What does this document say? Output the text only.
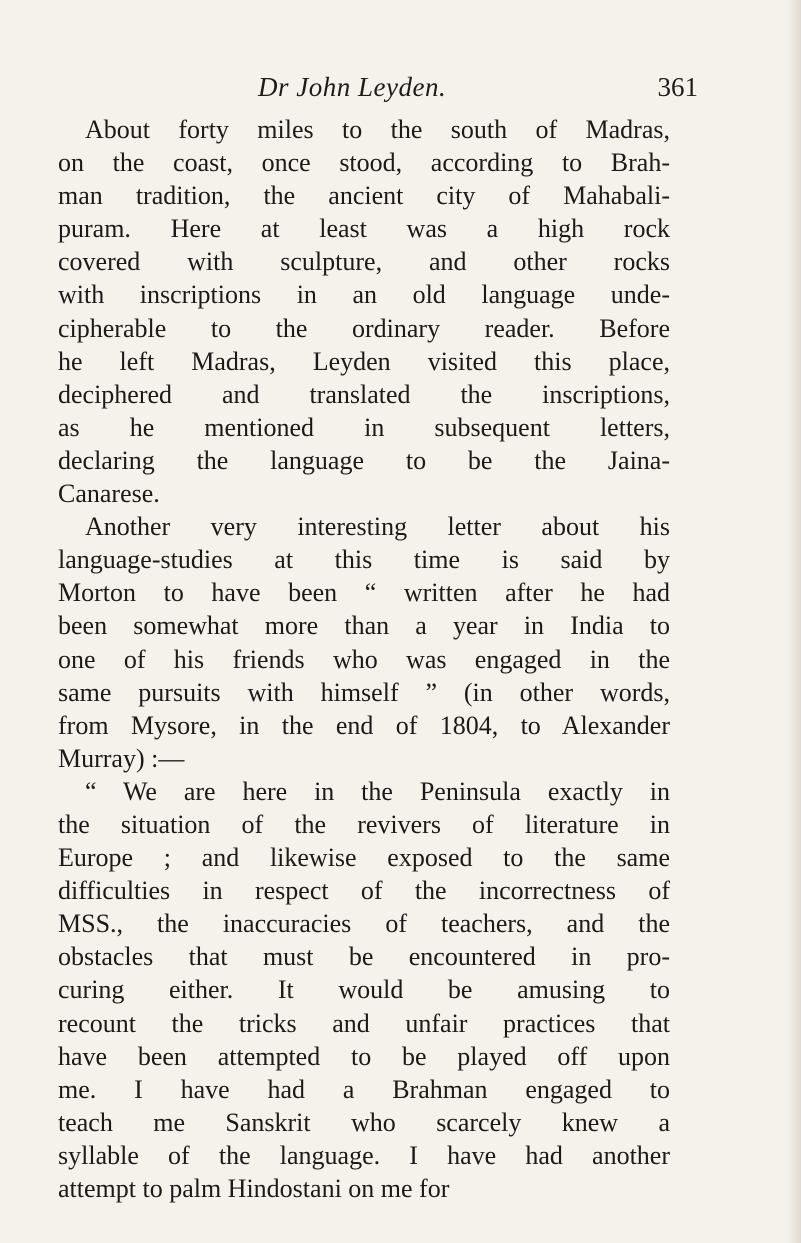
Dr John Leyden.	361
About forty miles to the south of Madras,
on the coast, once stood, according to Brah-
man tradition, the ancient city of Mahabali-
puram. Here at least was a high rock
covered with sculpture, and other rocks
with inscriptions in an old language unde-
cipherable to the ordinary reader. Before
he left Madras, Leyden visited this place,
deciphered and translated the inscriptions,
as he mentioned in subsequent letters,
declaring the language to be the Jaina-
Canarese.
Another very interesting letter about his
language-studies at this time is said by
Morton to have been “ written after he had
been somewhat more than a year in India to
one of his friends who was engaged in the
same pursuits with himself ” (in other words,
from Mysore, in the end of 1804, to Alexander
Murray) :—
“ We are here in the Peninsula exactly in
the situation of the revivers of literature in
Europe ; and likewise exposed to the same
difficulties in respect of the incorrectness of
MSS., the inaccuracies of teachers, and the
obstacles that must be encountered in pro-
curing either. It would be amusing to
recount the tricks and unfair practices that
have been attempted to be played off upon
me. I have had a Brahman engaged to
teach me Sanskrit who scarcely knew a
syllable of the language. I have had another
attempt to palm Hindostani on me for
